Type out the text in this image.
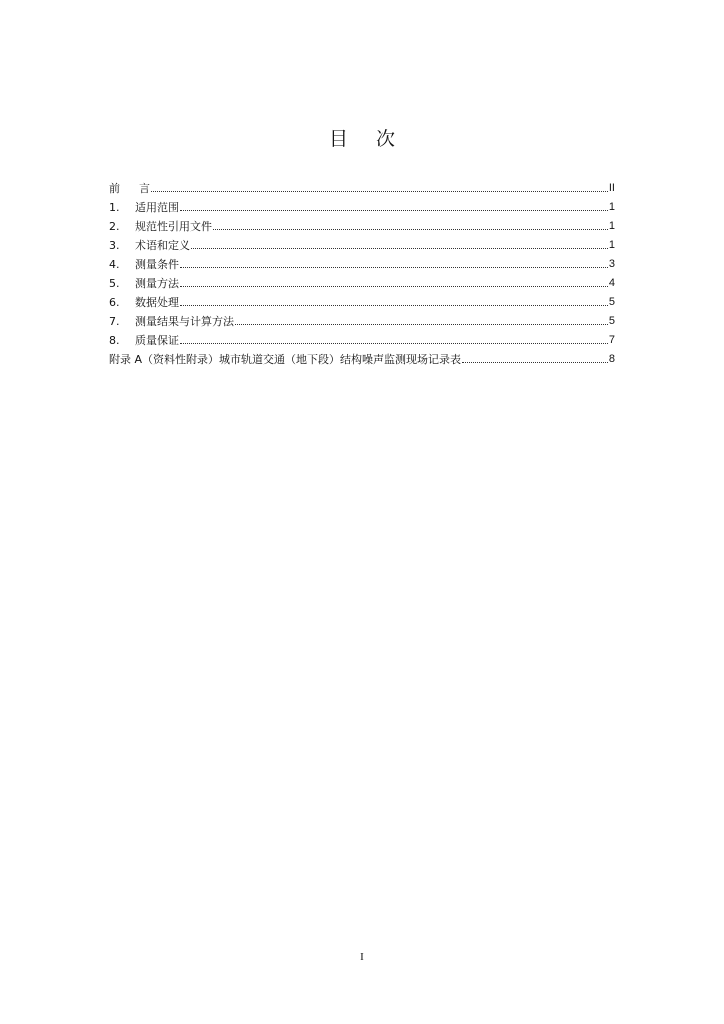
目 次
前 言	II
1.	适用范围	1
2.	规范性引用文件	1
3.	术语和定义	1
4.	测量条件	3
5.	测量方法	4
6.	数据处理	5
7.	测量结果与计算方法	5
8.	质量保证	7
附录 A（资料性附录）城市轨道交通（地下段）结构噪声监测现场记录表	8
I
